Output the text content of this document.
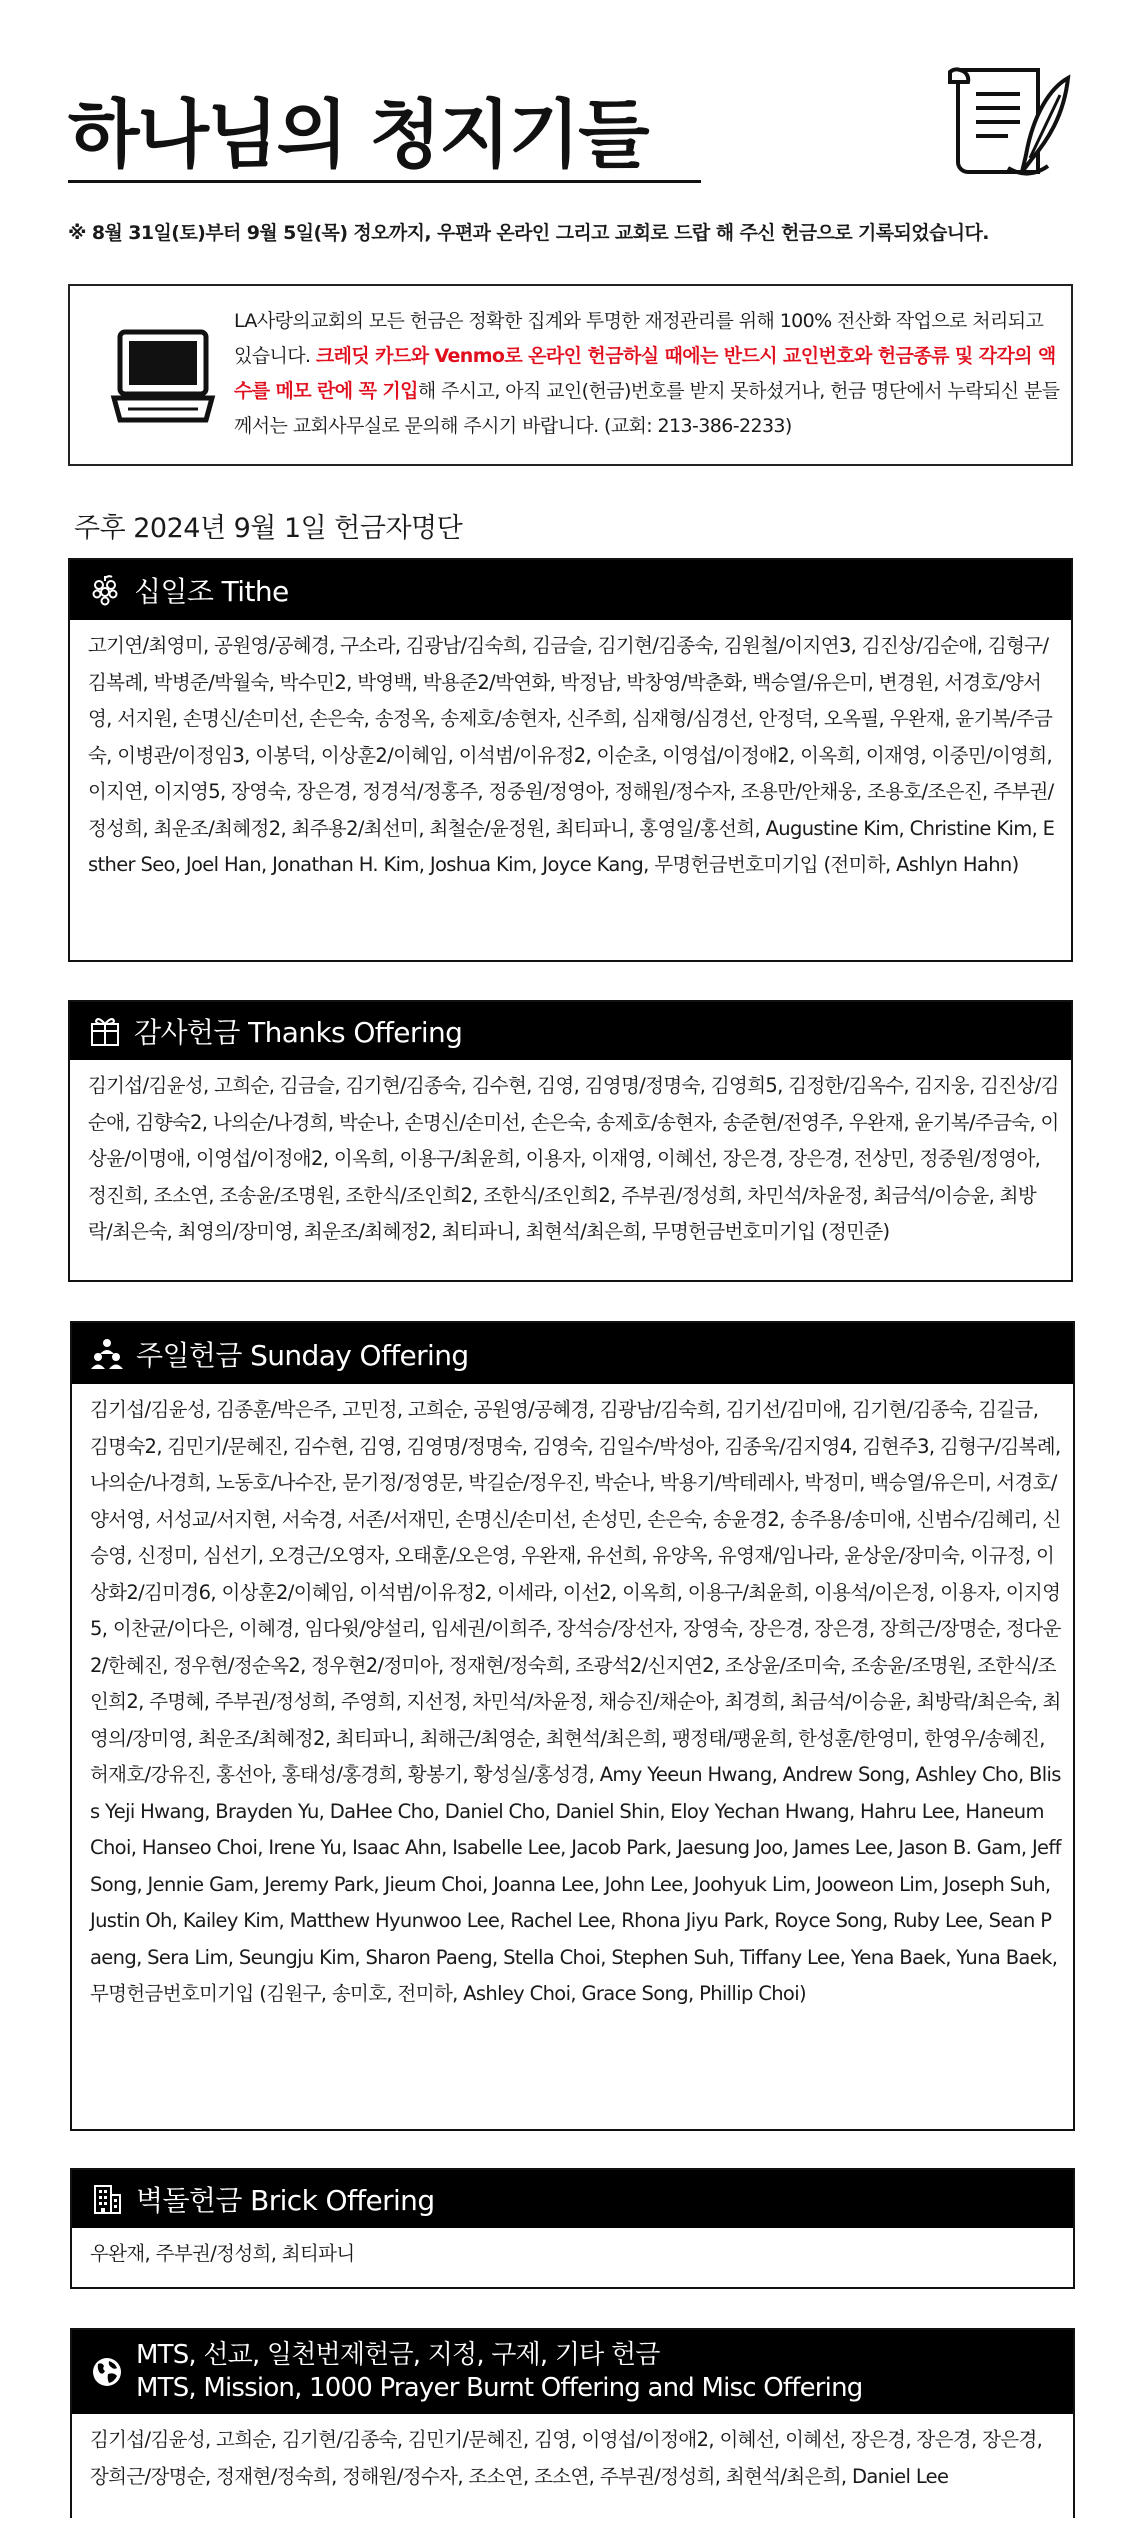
하나님의 청지기들
※ 8월 31일(토)부터 9월 5일(목) 정오까지, 우편과 온라인 그리고 교회로 드랍 해 주신 헌금으로 기록되었습니다.
LA사랑의교회의 모든 헌금은 정확한 집계와 투명한 재정관리를 위해 100% 전산화 작업으로 처리되고 있습니다. 크레딧 카드와 Venmo로 온라인 헌금하실 때에는 반드시 교인번호와 헌금종류 및 각각의 액수를 메모 란에 꼭 기입해 주시고, 아직 교인(헌금)번호를 받지 못하셨거나, 헌금 명단에서 누락되신 분들께서는 교회사무실로 문의해 주시기 바랍니다. (교회: 213-386-2233)
주후 2024년 9월 1일 헌금자명단
십일조 Tithe
고기연/최영미, 공원영/공혜경, 구소라, 김광남/김숙희, 김금슬, 김기현/김종숙, 김원철/이지연3, 김진상/김순애, 김형구/김복례, 박병준/박월숙, 박수민2, 박영백, 박용준2/박연화, 박정남, 박창영/박춘화, 백승열/유은미, 변경원, 서경호/양서영, 서지원, 손명신/손미선, 손은숙, 송정옥, 송제호/송현자, 신주희, 심재형/심경선, 안정덕, 오옥필, 우완재, 윤기복/주금숙, 이병관/이정임3, 이봉덕, 이상훈2/이혜임, 이석범/이유정2, 이순초, 이영섭/이정애2, 이옥희, 이재영, 이중민/이영희,이지연, 이지영5, 장영숙, 장은경, 정경석/정홍주, 정중원/정영아, 정해원/정수자, 조용만/안채웅, 조용호/조은진, 주부권/정성희, 최운조/최혜정2, 최주용2/최선미, 최철순/윤정원, 최티파니, 홍영일/홍선희, Augustine Kim, Christine Kim, Esther Seo, Joel Han, Jonathan H. Kim, Joshua Kim, Joyce Kang, 무명헌금번호미기입 (전미하, Ashlyn Hahn)
감사헌금 Thanks Offering
김기섭/김윤성, 고희순, 김금슬, 김기현/김종숙, 김수현, 김영, 김영명/정명숙, 김영희5, 김정한/김옥수, 김지웅, 김진상/김순애, 김향숙2, 나의순/나경희, 박순나, 손명신/손미선, 손은숙, 송제호/송현자, 송준현/전영주, 우완재, 윤기복/주금숙, 이상윤/이명애, 이영섭/이정애2, 이옥희, 이용구/최윤희, 이용자, 이재영, 이혜선, 장은경, 장은경, 전상민, 정중원/정영아, 정진희, 조소연, 조송윤/조명원, 조한식/조인희2, 조한식/조인희2, 주부권/정성희, 차민석/차윤정, 최금석/이승윤, 최방락/최은숙, 최영의/장미영, 최운조/최혜정2, 최티파니, 최현석/최은희, 무명헌금번호미기입 (정민준)
주일헌금 Sunday Offering
김기섭/김윤성, 김종훈/박은주, 고민정, 고희순, 공원영/공혜경, 김광남/김숙희, 김기선/김미애, 김기현/김종숙, 김길금, 김명숙2, 김민기/문혜진, 김수현, 김영, 김영명/정명숙, 김영숙, 김일수/박성아, 김종욱/김지영4, 김현주3, 김형구/김복례, 나의순/나경희, 노동호/나수잔, 문기정/정영문, 박길순/정우진, 박순나, 박용기/박테레사, 박정미, 백승열/유은미, 서경호/양서영, 서성교/서지현, 서숙경, 서존/서재민, 손명신/손미선, 손성민, 손은숙, 송윤경2, 송주용/송미애, 신범수/김혜리, 신승영, 신정미, 심선기, 오경근/오영자, 오태훈/오은영, 우완재, 유선희, 유양옥, 유영재/임나라, 윤상운/장미숙, 이규정, 이상화2/김미경6, 이상훈2/이혜임, 이석범/이유정2, 이세라, 이선2, 이옥희, 이용구/최윤희, 이용석/이은정, 이용자, 이지영5, 이찬균/이다은, 이혜경, 임다윗/양설리, 임세권/이희주, 장석승/장선자, 장영숙, 장은경, 장은경, 장희근/장명순, 정다운2/한혜진, 정우현/정순옥2, 정우현2/정미아, 정재현/정숙희, 조광석2/신지연2, 조상윤/조미숙, 조송윤/조명원, 조한식/조인희2, 주명혜, 주부권/정성희, 주영희, 지선정, 차민석/차윤정, 채승진/채순아, 최경희, 최금석/이승윤, 최방락/최은숙, 최영의/장미영, 최운조/최혜정2, 최티파니, 최해근/최영순, 최현석/최은희, 팽정태/팽윤희, 한성훈/한영미, 한영우/송혜진, 허재호/강유진, 홍선아, 홍태성/홍경희, 황봉기, 황성실/홍성경, Amy Yeeun Hwang, Andrew Song, Ashley Cho, Bliss Yeji Hwang, Brayden Yu, DaHee Cho, Daniel Cho, Daniel Shin, Eloy Yechan Hwang, Hahru Lee, Haneum Choi, Hanseo Choi, Irene Yu, Isaac Ahn, Isabelle Lee, Jacob Park, Jaesung Joo, James Lee, Jason B. Gam, Jeff Song, Jennie Gam, Jeremy Park, Jieum Choi, Joanna Lee, John Lee, Joohyuk Lim, Jooweon Lim, Joseph Suh, Justin Oh, Kailey Kim, Matthew Hyunwoo Lee, Rachel Lee, Rhona Jiyu Park, Royce Song, Ruby Lee, Sean Paeng, Sera Lim, Seungju Kim, Sharon Paeng, Stella Choi, Stephen Suh, Tiffany Lee, Yena Baek, Yuna Baek, 무명헌금번호미기입 (김원구, 송미호, 전미하, Ashley Choi, Grace Song, Phillip Choi)
벽돌헌금 Brick Offering
우완재, 주부권/정성희, 최티파니
MTS, 선교, 일천번제헌금, 지정, 구제, 기타 헌금
MTS, Mission, 1000 Prayer Burnt Offering and Misc Offering
김기섭/김윤성, 고희순, 김기현/김종숙, 김민기/문혜진, 김영, 이영섭/이정애2, 이혜선, 이혜선, 장은경, 장은경, 장은경, 장희근/장명순, 정재현/정숙희, 정해원/정수자, 조소연, 조소연, 주부권/정성희, 최현석/최은희, Daniel Lee
